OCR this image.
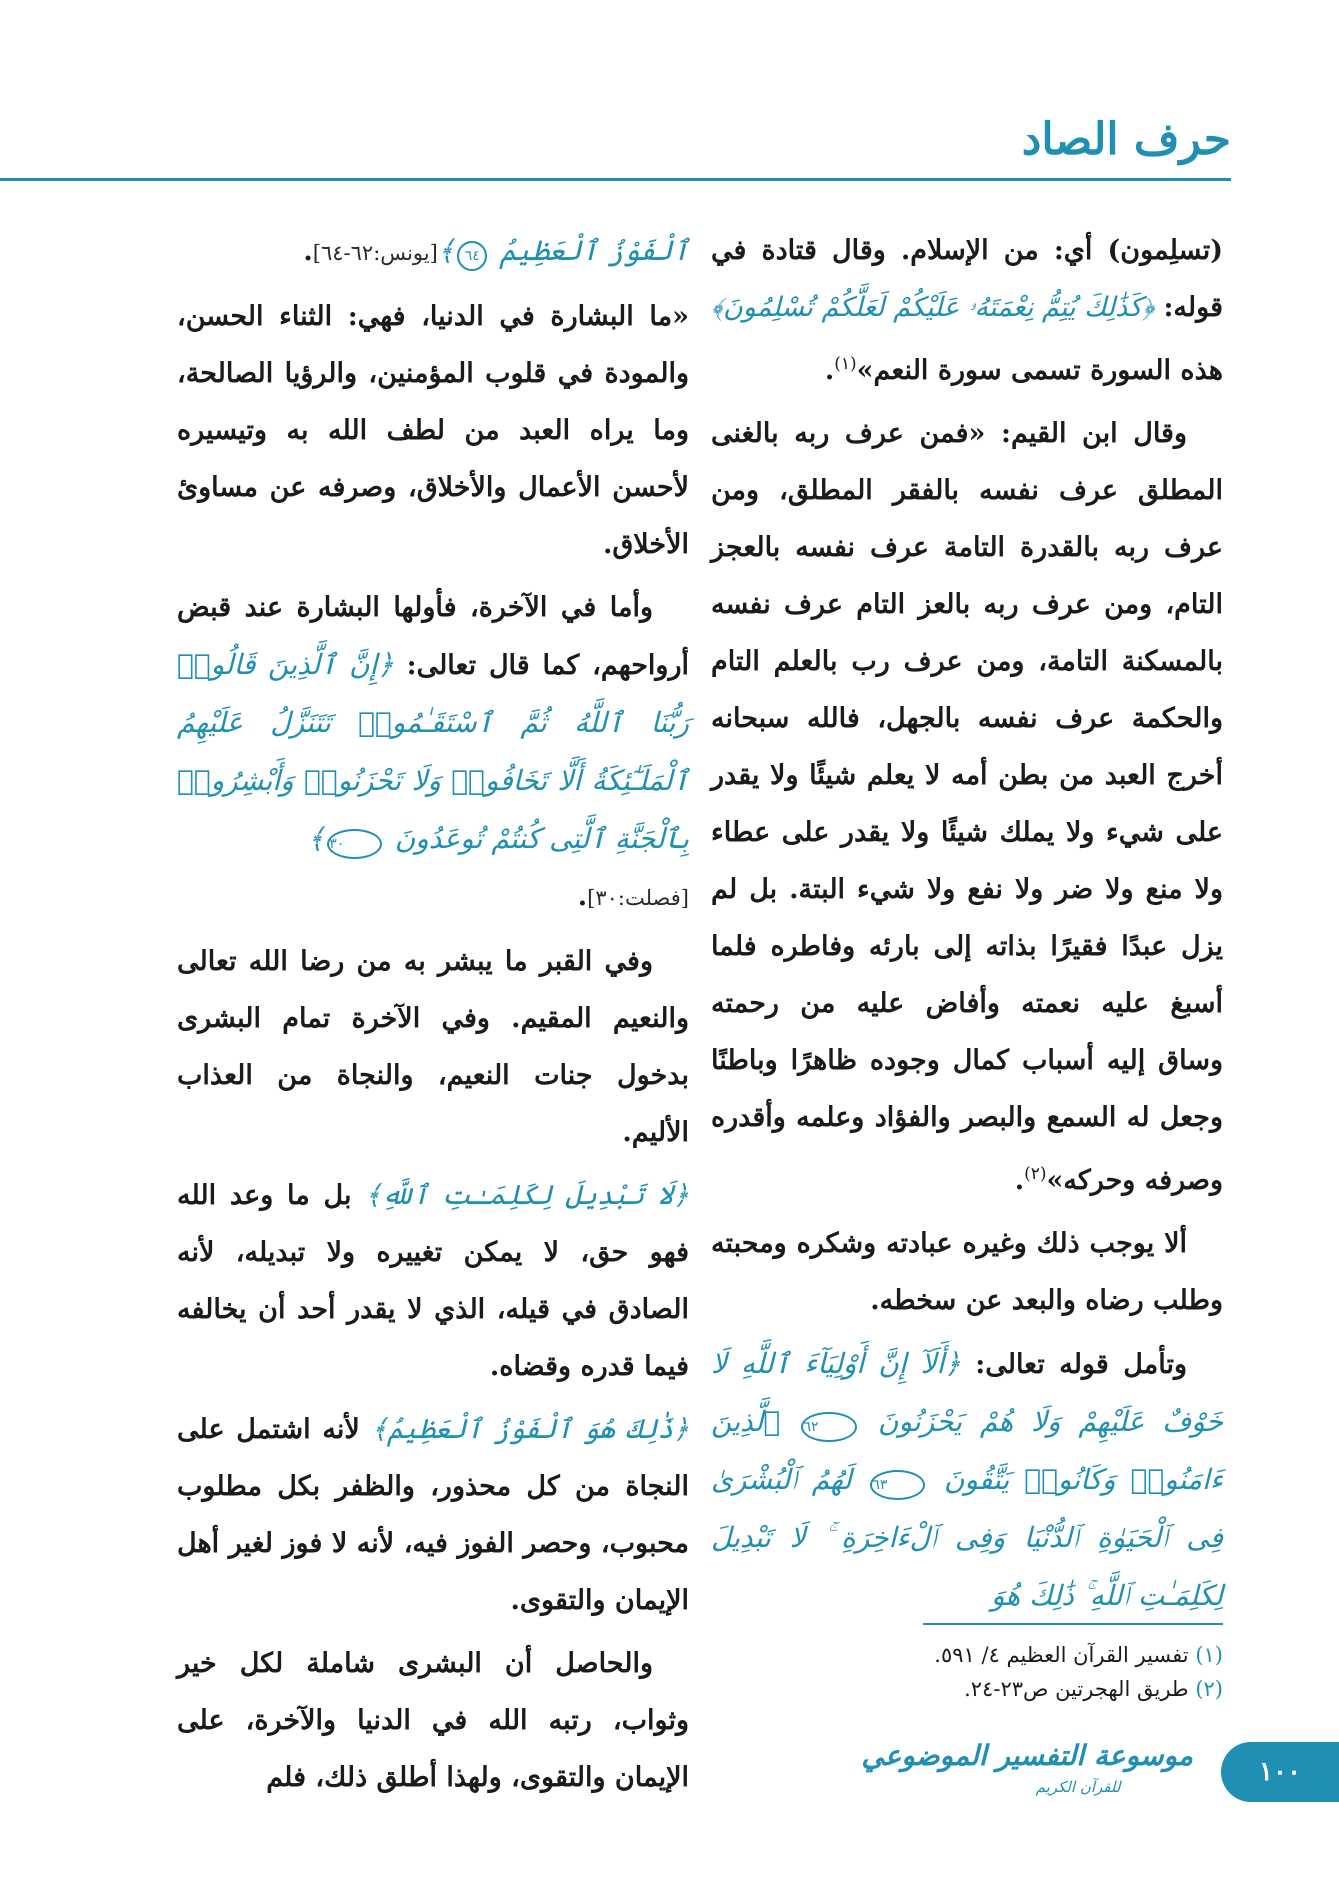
حرف الصاد

(تسلِمون) أي: من الإسلام. وقال قتادة في قوله: ﴿كَذَٰلِكَ يُتِمُّ نِعْمَتَهُۥ عَلَيْكُمْ لَعَلَّكُمْ تُسْلِمُونَ﴾ هذه السورة تسمى سورة النعم»$^{(١)}$.

وقال ابن القيم: «فمن عرف ربه بالغنى المطلق عرف نفسه بالفقر المطلق، ومن عرف ربه بالقدرة التامة عرف نفسه بالعجز التام، ومن عرف ربه بالعز التام عرف نفسه بالمسكنة التامة، ومن عرف رب بالعلم التام والحكمة عرف نفسه بالجهل، فالله سبحانه أخرج العبد من بطن أمه لا يعلم شيئًا ولا يقدر على شيء ولا يملك شيئًا ولا يقدر على عطاء ولا منع ولا ضر ولا نفع ولا شيء البتة. بل لم يزل عبدًا فقيرًا بذاته إلى بارئه وفاطره فلما أسبغ عليه نعمته وأفاض عليه من رحمته وساق إليه أسباب كمال وجوده ظاهرًا وباطنًا وجعل له السمع والبصر والفؤاد وعلمه وأقدره وصرفه وحركه»$^{(٢)}$.

ألا يوجب ذلك وغيره عبادته وشكره ومحبته وطلب رضاه والبعد عن سخطه.

وتأمل قوله تعالى: ﴿أَلَآ إِنَّ أَوْلِيَآءَ ٱللَّهِ لَا خَوْفٌ عَلَيْهِمْ وَلَا هُمْ يَحْزَنُونَ ٦٢ ٱلَّذِينَ ءَامَنُوا۟ وَكَانُوا۟ يَتَّقُونَ ٦٣ لَهُمُ ٱلْبُشْرَىٰ فِى ٱلْحَيَوٰةِ ٱلدُّنْيَا وَفِى ٱلْءَاخِرَةِ ۚ لَا تَبْدِيلَ لِكَلِمَـٰتِ ٱللَّهِ ۚ ذَٰلِكَ هُوَ

ٱلْفَوْزُ ٱلْعَظِيمُ ٦٤﴾[يونس:٦٢-٦٤].

«ما البشارة في الدنيا، فهي: الثناء الحسن، والمودة في قلوب المؤمنين، والرؤيا الصالحة، وما يراه العبد من لطف الله به وتيسيره لأحسن الأعمال والأخلاق، وصرفه عن مساوئ الأخلاق.

وأما في الآخرة، فأولها البشارة عند قبض أرواحهم، كما قال تعالى: ﴿إِنَّ ٱلَّذِينَ قَالُوا۟ رَبُّنَا ٱللَّهُ ثُمَّ ٱسْتَقَـٰمُوا۟ تَتَنَزَّلُ عَلَيْهِمُ ٱلْمَلَـٰٓئِكَةُ أَلَّا تَخَافُوا۟ وَلَا تَحْزَنُوا۟ وَأَبْشِرُوا۟ بِٱلْجَنَّةِ ٱلَّتِى كُنتُمْ تُوعَدُونَ ٣٠﴾
[فصلت:٣٠].

وفي القبر ما يبشر به من رضا الله تعالى والنعيم المقيم. وفي الآخرة تمام البشرى بدخول جنات النعيم، والنجاة من العذاب الأليم.

﴿لَا تَبْدِيلَ لِكَلِمَـٰتِ ٱللَّهِ﴾ بل ما وعد الله فهو حق، لا يمكن تغييره ولا تبديله، لأنه الصادق في قيله، الذي لا يقدر أحد أن يخالفه فيما قدره وقضاه.

﴿ذَٰلِكَ هُوَ ٱلْفَوْزُ ٱلْعَظِيمُ﴾ لأنه اشتمل على النجاة من كل محذور، والظفر بكل مطلوب محبوب، وحصر الفوز فيه، لأنه لا فوز لغير أهل الإيمان والتقوى.

والحاصل أن البشرى شاملة لكل خير وثواب، رتبه الله في الدنيا والآخرة، على الإيمان والتقوى، ولهذا أطلق ذلك، فلم

(١) تفسير القرآن العظيم ٤/ ٥٩١.
(٢) طريق الهجرتين ص٢٣-٢٤.
١٠٠
موسوعة التفسير الموضوعي
للقرآن الكريم
